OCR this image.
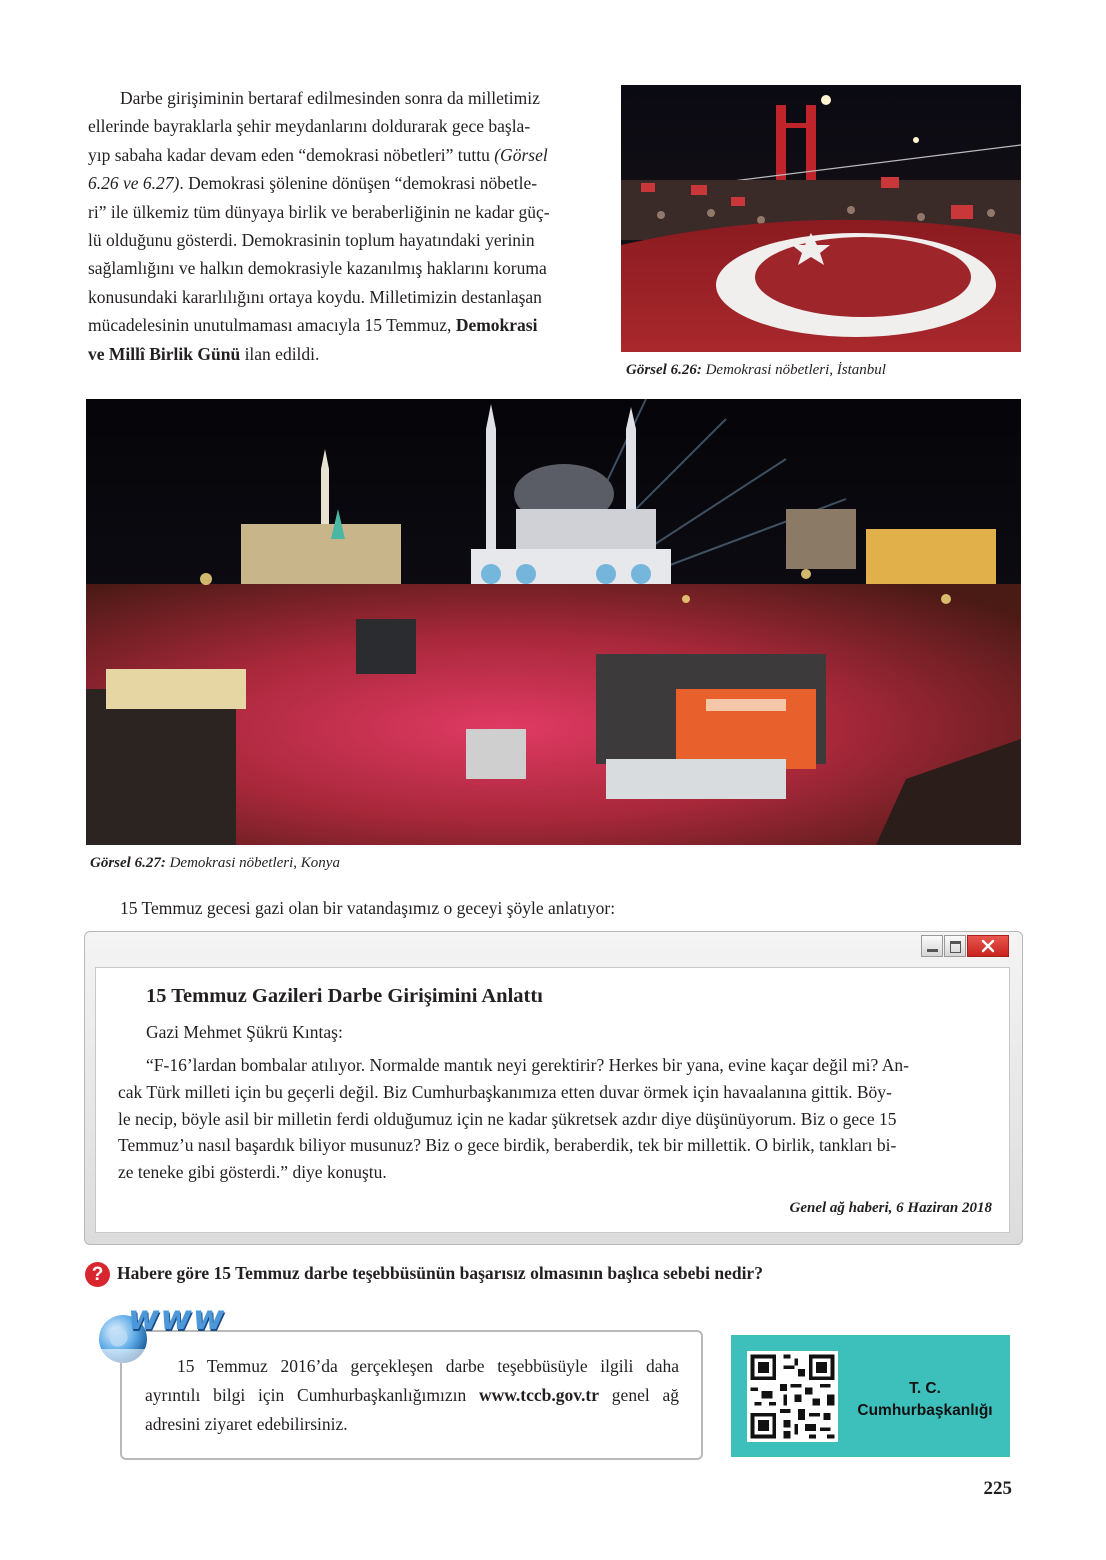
Darbe girişiminin bertaraf edilmesinden sonra da milletimiz
ellerinde bayraklarla şehir meydanlarını doldurarak gece başla-
yıp sabaha kadar devam eden “demokrasi nöbetleri” tuttu (Görsel
6.26 ve 6.27). Demokrasi şölenine dönüşen “demokrasi nöbetle-
ri” ile ülkemiz tüm dünyaya birlik ve beraberliğinin ne kadar güç-
lü olduğunu gösterdi. Demokrasinin toplum hayatındaki yerinin
sağlamlığını ve halkın demokrasiyle kazanılmış haklarını koruma
konusundaki kararlılığını ortaya koydu. Milletimizin destanlaşan
mücadelesinin unutulmaması amacıyla 15 Temmuz, Demokrasi
ve Millî Birlik Günü ilan edildi.
Görsel 6.26: Demokrasi nöbetleri, İstanbul
Görsel 6.27: Demokrasi nöbetleri, Konya
15 Temmuz gecesi gazi olan bir vatandaşımız o geceyi şöyle anlatıyor:
15 Temmuz Gazileri Darbe Girişimini Anlattı
Gazi Mehmet Şükrü Kıntaş:
“F-16’lardan bombalar atılıyor. Normalde mantık neyi gerektirir? Herkes bir yana, evine kaçar değil mi? An-
cak Türk milleti için bu geçerli değil. Biz Cumhurbaşkanımıza etten duvar örmek için havaalanına gittik. Böy-
le necip, böyle asil bir milletin ferdi olduğumuz için ne kadar şükretsek azdır diye düşünüyorum. Biz o gece 15
Temmuz’u nasıl başardık biliyor musunuz? Biz o gece birdik, beraberdik, tek bir millettik. O birlik, tankları bi-
ze teneke gibi gösterdi.” diye konuştu.
Genel ağ haberi, 6 Haziran 2018
? Habere göre 15 Temmuz darbe teşebbüsünün başarısız olmasının başlıca sebebi nedir?
www
15 Temmuz 2016’da gerçekleşen darbe teşebbüsüyle ilgili daha ayrıntılı bilgi için Cumhurbaşkanlığımızın www.tccb.gov.tr genel ağ adresini ziyaret edebilirsiniz.
T. C.
Cumhurbaşkanlığı
225
